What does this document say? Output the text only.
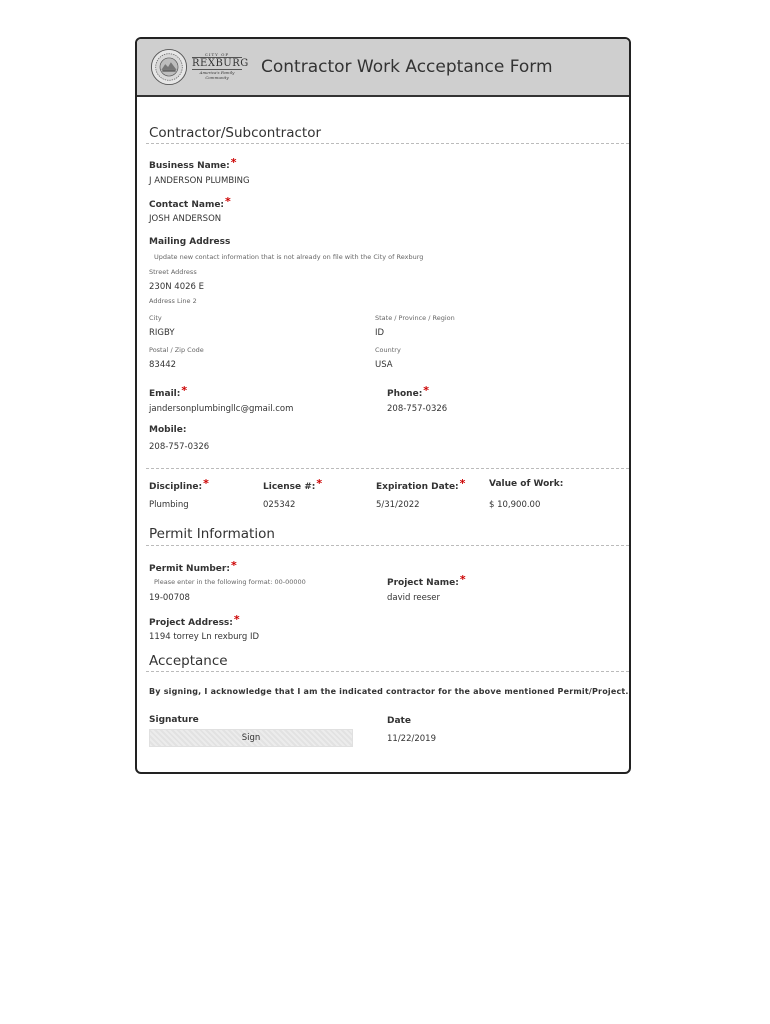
CITY OF
REXBURG
America's Family Community
Contractor Work Acceptance Form
Contractor/Subcontractor
Business Name:*
J ANDERSON PLUMBING
Contact Name:*
JOSH ANDERSON
Mailing Address
Update new contact information that is not already on file with the City of Rexburg
Street Address
230N 4026 E
Address Line 2
City
RIGBY
State / Province / Region
ID
Postal / Zip Code
83442
Country
USA
Email:*
jandersonplumbingllc@gmail.com
Phone:*
208-757-0326
Mobile:
208-757-0326
Discipline:*
Plumbing
License #:*
025342
Expiration Date:*
5/31/2022
Value of Work:
$ 10,900.00
Permit Information
Permit Number:*
Please enter in the following format: 00-00000
19-00708
Project Name:*
david reeser
Project Address:*
1194 torrey Ln rexburg ID
Acceptance
By signing, I acknowledge that I am the indicated contractor for the above mentioned Permit/Project.
Signature
Sign
Date
11/22/2019
